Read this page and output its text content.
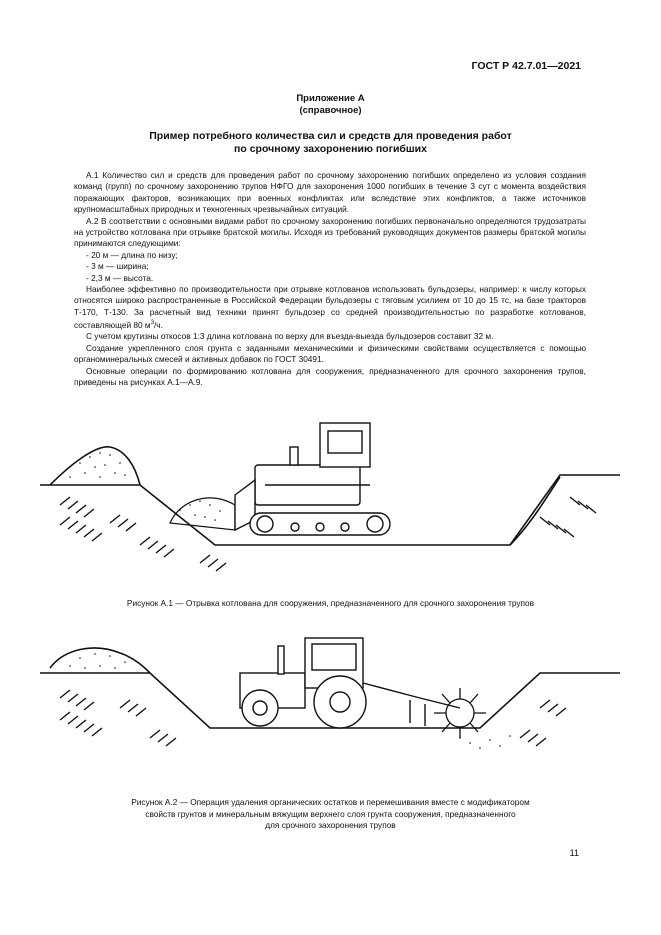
ГОСТ Р 42.7.01—2021
Приложение А
(справочное)
Пример потребного количества сил и средств для проведения работ
по срочному захоронению погибших

А.1 Количество сил и средств для проведения работ по срочному захоронению погибших определено из условия создания команд (групп) по срочному захоронению трупов НФГО для захоронения 1000 погибших в течение 3 сут с момента воздействия поражающих факторов, возникающих при военных конфликтах или вследствие этих конфликтов, а также источников крупномасштабных природных и техногенных чрезвычайных ситуаций.

А.2 В соответствии с основными видами работ по срочному захоронению погибших первоначально определяются трудозатраты на устройство котлована при отрывке братской могилы. Исходя из требований руководящих документов размеры братской могилы принимаются следующими:

- 20 м — длина по низу;

- 3 м — ширина;

- 2,3 м — высота.

Наиболее эффективно по производительности при отрывке котлованов использовать бульдозеры, например: к числу которых относятся широко распространенные в Российской Федерации бульдозеры с тяговым усилием от 10 до 15 тс, на базе тракторов Т-170, Т-130. За расчетный вид техники принят бульдозер со средней производительностью по разработке котлованов, составляющей 80 $м^3/ч$.

С учетом крутизны откосов 1:3 длина котлована по верху для въезда-выезда бульдозеров составит 32 м.

Создание укрепленного слоя грунта с заданными механическими и физическими свойствами осуществляется с помощью органоминеральных смесей и активных добавок по ГОСТ 30491.

Основные операции по формированию котлована для сооружения, предназначенного для срочного захоронения трупов, приведены на рисунках А.1—А.9.

Рисунок А.1 — Отрывка котлована для сооружения, предназначенного для срочного захоронения трупов
Рисунок А.2 — Операция удаления органических остатков и перемешивания вместе с модификатором
свойств грунтов и минеральным вяжущим верхнего слоя грунта сооружения, предназначенного
для срочного захоронения трупов
11
